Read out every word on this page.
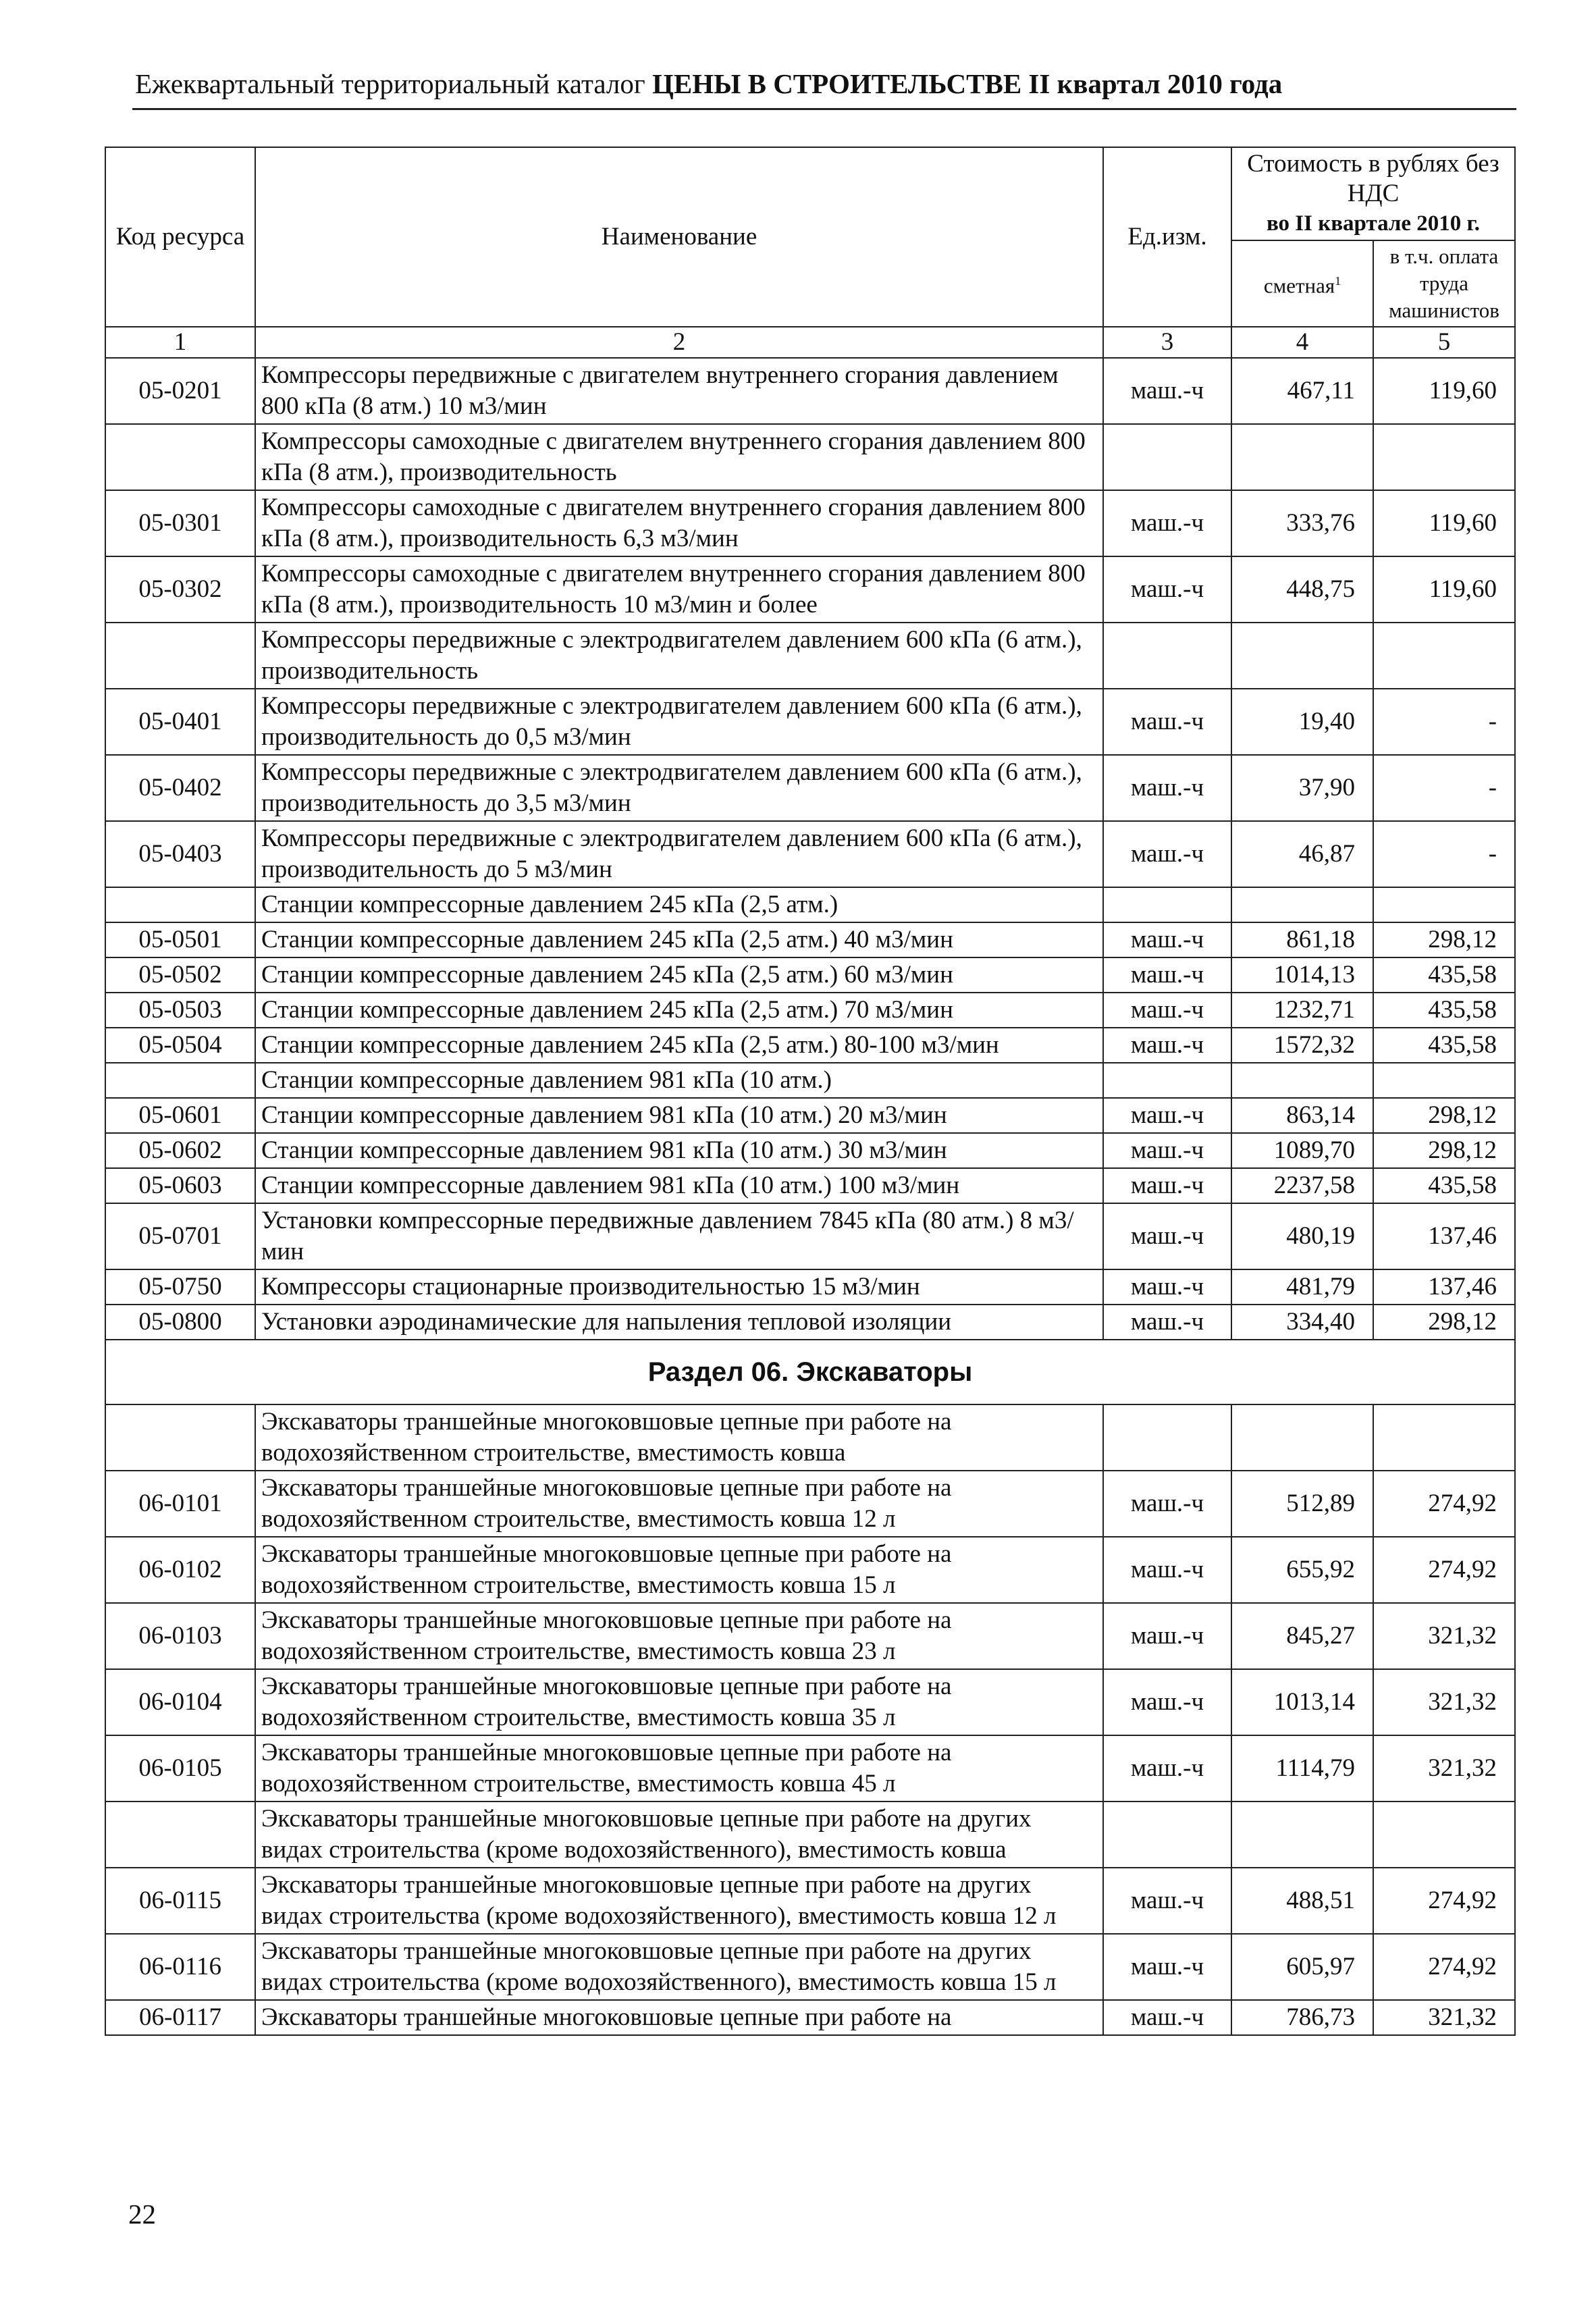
Ежеквартальный территориальный каталог ЦЕНЫ В СТРОИТЕЛЬСТВЕ II квартал 2010 года
Код ресурса	Наименование	Ед.изм.	Стоимость в рублях без НДС
во II квартале 2010 г.	

			сметная$^1$	в т.ч. оплата труда машинистов
1	2	3	4	5
05-0201	Компрессоры передвижные с двигателем внутреннего сгорания давлением 800 кПа (8 атм.) 10 м3/мин	маш.-ч	467,11	119,60
	Компрессоры самоходные с двигателем внутреннего сгорания давлением 800 кПа (8 атм.), производительность			
05-0301	Компрессоры самоходные с двигателем внутреннего сгорания давлением 800 кПа (8 атм.), производительность 6,3 м3/мин	маш.-ч	333,76	119,60
05-0302	Компрессоры самоходные с двигателем внутреннего сгорания давлением 800 кПа (8 атм.), производительность 10 м3/мин и более	маш.-ч	448,75	119,60
	Компрессоры передвижные с электродвигателем давлением 600 кПа (6 атм.), производительность			
05-0401	Компрессоры передвижные с электродвигателем давлением 600 кПа (6 атм.), производительность до 0,5 м3/мин	маш.-ч	19,40	-
05-0402	Компрессоры передвижные с электродвигателем давлением 600 кПа (6 атм.), производительность до 3,5 м3/мин	маш.-ч	37,90	-
05-0403	Компрессоры передвижные с электродвигателем давлением 600 кПа (6 атм.), производительность до 5 м3/мин	маш.-ч	46,87	-
	Станции компрессорные давлением 245 кПа (2,5 атм.)			
05-0501	Станции компрессорные давлением 245 кПа (2,5 атм.) 40 м3/мин	маш.-ч	861,18	298,12
05-0502	Станции компрессорные давлением 245 кПа (2,5 атм.) 60 м3/мин	маш.-ч	1014,13	435,58
05-0503	Станции компрессорные давлением 245 кПа (2,5 атм.) 70 м3/мин	маш.-ч	1232,71	435,58
05-0504	Станции компрессорные давлением 245 кПа (2,5 атм.) 80-100 м3/мин	маш.-ч	1572,32	435,58
	Станции компрессорные давлением 981 кПа (10 атм.)			
05-0601	Станции компрессорные давлением 981 кПа (10 атм.) 20 м3/мин	маш.-ч	863,14	298,12
05-0602	Станции компрессорные давлением 981 кПа (10 атм.) 30 м3/мин	маш.-ч	1089,70	298,12
05-0603	Станции компрессорные давлением 981 кПа (10 атм.) 100 м3/мин	маш.-ч	2237,58	435,58
05-0701	Установки компрессорные передвижные давлением 7845 кПа (80 атм.) 8 м3/мин	маш.-ч	480,19	137,46
05-0750	Компрессоры стационарные производительностью 15 м3/мин	маш.-ч	481,79	137,46
05-0800	Установки аэродинамические для напыления тепловой изоляции	маш.-ч	334,40	298,12
Раздел 06. Экскаваторы				
	Экскаваторы траншейные многоковшовые цепные при работе на водохозяйственном строительстве, вместимость ковша			
06-0101	Экскаваторы траншейные многоковшовые цепные при работе на водохозяйственном строительстве, вместимость ковша 12 л	маш.-ч	512,89	274,92
06-0102	Экскаваторы траншейные многоковшовые цепные при работе на водохозяйственном строительстве, вместимость ковша 15 л	маш.-ч	655,92	274,92
06-0103	Экскаваторы траншейные многоковшовые цепные при работе на водохозяйственном строительстве, вместимость ковша 23 л	маш.-ч	845,27	321,32
06-0104	Экскаваторы траншейные многоковшовые цепные при работе на водохозяйственном строительстве, вместимость ковша 35 л	маш.-ч	1013,14	321,32
06-0105	Экскаваторы траншейные многоковшовые цепные при работе на водохозяйственном строительстве, вместимость ковша 45 л	маш.-ч	1114,79	321,32
	Экскаваторы траншейные многоковшовые цепные при работе на других видах строительства (кроме водохозяйственного), вместимость ковша			
06-0115	Экскаваторы траншейные многоковшовые цепные при работе на других видах строительства (кроме водохозяйственного), вместимость ковша 12 л	маш.-ч	488,51	274,92
06-0116	Экскаваторы траншейные многоковшовые цепные при работе на других видах строительства (кроме водохозяйственного), вместимость ковша 15 л	маш.-ч	605,97	274,92
06-0117	Экскаваторы траншейные многоковшовые цепные при работе на	маш.-ч	786,73	321,32
22
